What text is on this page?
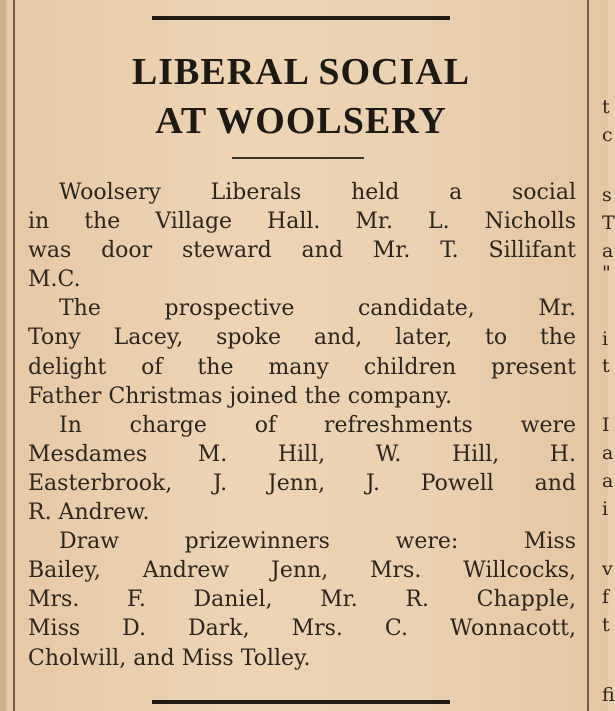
LIBERAL SOCIAL
AT WOOLSERY
Woolsery Liberals held a social
in the Village Hall. Mr. L. Nicholls
was door steward and Mr. T. Sillifant
M.C.
The prospective candidate, Mr.
Tony Lacey, spoke and, later, to the
delight of the many children present
Father Christmas joined the company.
In charge of refreshments were
Mesdames M. Hill, W. Hill, H.
Easterbrook, J. Jenn, J. Powell and
R. Andrew.
Draw prizewinners were: Miss
Bailey, Andrew Jenn, Mrs. Willcocks,
Mrs. F. Daniel, Mr. R. Chapple,
Miss D. Dark, Mrs. C. Wonnacott,
Cholwill, and Miss Tolley.
t
c
s
T
a
"
i
t
I
a
a
i
v
f
t
fi
